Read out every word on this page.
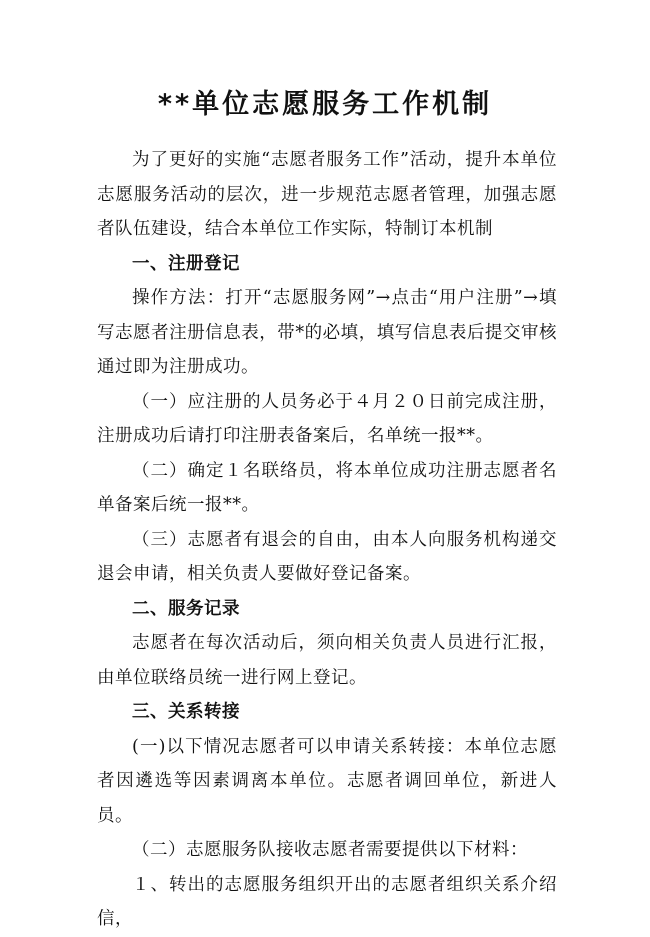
**单位志愿服务工作机制

为了更好的实施“志愿者服务工作”活动，提升本单位志愿服务活动的层次，进一步规范志愿者管理，加强志愿者队伍建设，结合本单位工作实际，特制订本机制

一、注册登记

操作方法：打开“志愿服务网”→点击“用户注册”→填写志愿者注册信息表，带*的必填，填写信息表后提交审核通过即为注册成功。

（一）应注册的人员务必于４月２０日前完成注册，注册成功后请打印注册表备案后，名单统一报**。

（二）确定１名联络员，将本单位成功注册志愿者名单备案后统一报**。

（三）志愿者有退会的自由，由本人向服务机构递交退会申请，相关负责人要做好登记备案。

二、服务记录

志愿者在每次活动后，须向相关负责人员进行汇报，由单位联络员统一进行网上登记。

三、关系转接

(一)以下情况志愿者可以申请关系转接：本单位志愿者因遴选等因素调离本单位。志愿者调回单位，新进人员。

（二）志愿服务队接收志愿者需要提供以下材料：

１、转出的志愿服务组织开出的志愿者组织关系介绍信，
